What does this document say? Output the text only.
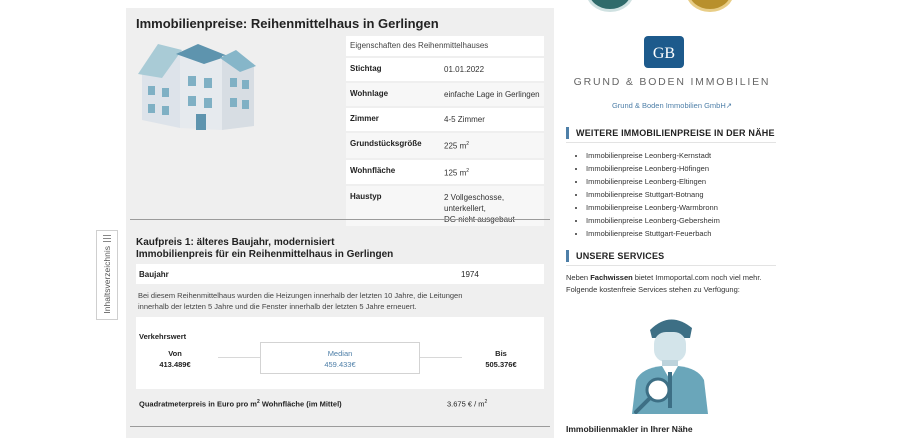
Inhaltsverzeichnis
Immobilienpreise: Reihenmittelhaus in Gerlingen
Eigenschaften des Reihenmittelhauses
Stichtag	01.01.2022
Wohnlage	einfache Lage in Gerlingen
Zimmer	4-5 Zimmer
Grundstücksgröße	225 $m^2$
Wohnfläche	125 $m^2$
Haustyp	2 Vollgeschosse,
unterkellert,
Kaufpreis 1: älteres Baujahr, modernisiert
Immobilienpreis für ein Reihenmittelhaus in Gerlingen
Baujahr	1974
Bei diesem Reihenmittelhaus wurden die Heizungen innerhalb der letzten 10 Jahre, die Leitungen
innerhalb der letzten 5 Jahre und die Fenster innerhalb der letzten 5 Jahre erneuert.
Verkehrswert
Von
413.489€
Median
459.433€
Bis
505.376€
Quadratmeterpreis in Euro pro $m^2$ Wohnfläche (im Mittel)	3.675 € / $m^2$
GB
GRUND & BODEN IMMOBILIEN
Grund & Boden Immobilien GmbH↗
WEITERE IMMOBILIENPREISE IN DER NÄHE
• Immobilienpreise Leonberg-Kernstadt
• Immobilienpreise Leonberg-Höfingen
• Immobilienpreise Leonberg-Eltingen
• Immobilienpreise Stuttgart-Botnang
• Immobilienpreise Leonberg-Warmbronn
• Immobilienpreise Leonberg-Gebersheim
• Immobilienpreise Stuttgart-Feuerbach
UNSERE SERVICES
Neben Fachwissen bietet Immoportal.com noch viel mehr.
Folgende kostenfreie Services stehen zu Verfügung:
Immobilienmakler in Ihrer Nähe
